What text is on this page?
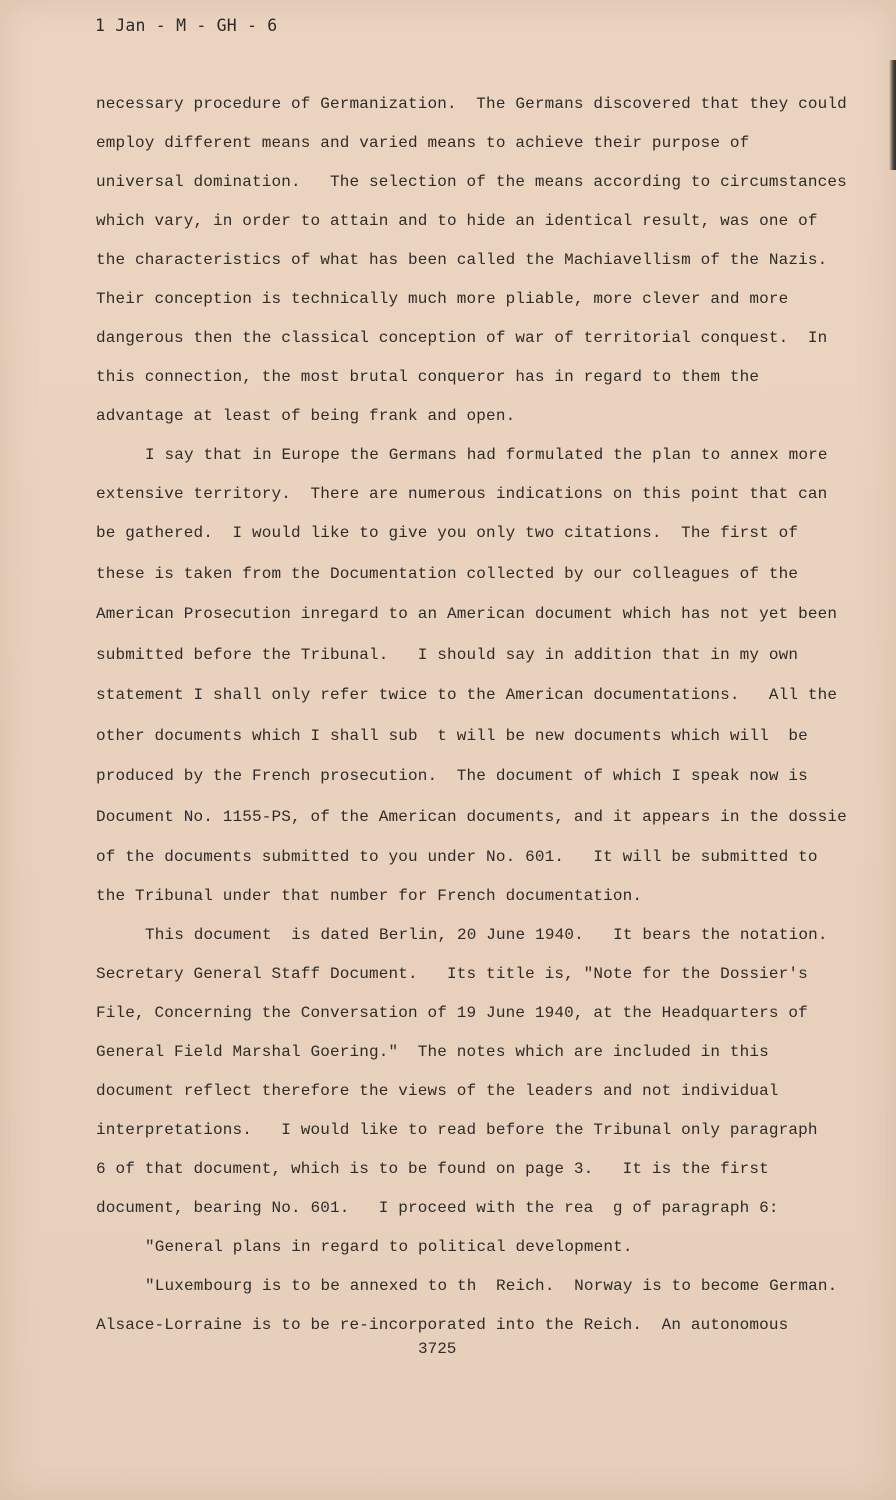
1 Jan - M - GH - 6
necessary procedure of Germanization.  The Germans discovered that they could
employ different means and varied means to achieve their purpose of
universal domination.   The selection of the means according to circumstances
which vary, in order to attain and to hide an identical result, was one of
the characteristics of what has been called the Machiavellism of the Nazis.
Their conception is technically much more pliable, more clever and more
dangerous then the classical conception of war of territorial conquest.  In
this connection, the most brutal conqueror has in regard to them the
advantage at least of being frank and open.
I say that in Europe the Germans had formulated the plan to annex more
extensive territory.  There are numerous indications on this point that can
be gathered.  I would like to give you only two citations.  The first of
these is taken from the Documentation collected by our colleagues of the
American Prosecution inregard to an American document which has not yet been
submitted before the Tribunal.   I should say in addition that in my own
statement I shall only refer twice to the American documentations.   All the
other documents which I shall sub  t will be new documents which will  be
produced by the French prosecution.  The document of which I speak now is
Document No. 1155-PS, of the American documents, and it appears in the dossie
of the documents submitted to you under No. 601.   It will be submitted to
the Tribunal under that number for French documentation.
This document  is dated Berlin, 20 June 1940.   It bears the notation.
Secretary General Staff Document.   Its title is, "Note for the Dossier's
File, Concerning the Conversation of 19 June 1940, at the Headquarters of
General Field Marshal Goering."  The notes which are included in this
document reflect therefore the views of the leaders and not individual
interpretations.   I would like to read before the Tribunal only paragraph
6 of that document, which is to be found on page 3.   It is the first
document, bearing No. 601.   I proceed with the rea  g of paragraph 6:
"General plans in regard to political development.
"Luxembourg is to be annexed to th  Reich.  Norway is to become German.
Alsace-Lorraine is to be re-incorporated into the Reich.  An autonomous
3725
